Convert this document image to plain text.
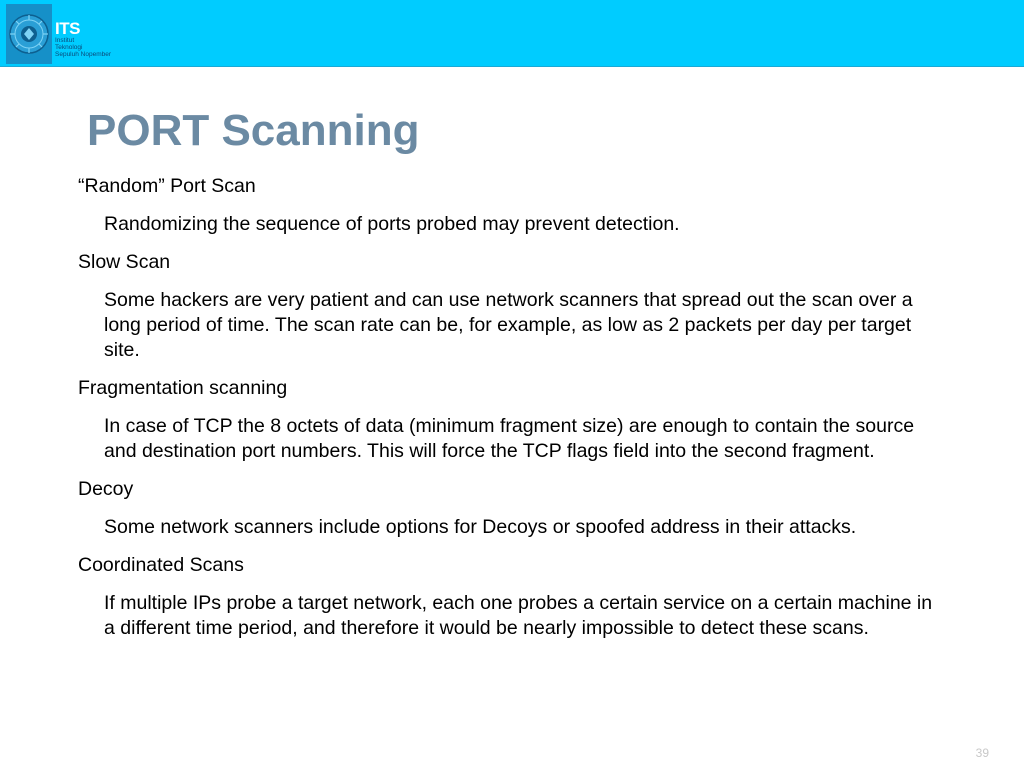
ITS
Institut
Teknologi
Sepuluh Nopember
PORT Scanning

“Random” Port Scan

Randomizing the sequence of ports probed may prevent detection.

Slow Scan

Some hackers are very patient and can use network scanners that spread out the scan over a long period of time. The scan rate can be, for example, as low as 2 packets per day per target site.

Fragmentation scanning

In case of TCP the 8 octets of data (minimum fragment size) are enough to contain the source and destination port numbers. This will force the TCP flags field into the second fragment.

Decoy

Some network scanners include options for Decoys or spoofed address in their attacks.

Coordinated Scans

If multiple IPs probe a target network, each one probes a certain service on a certain machine in a different time period, and therefore it would be nearly impossible to detect these scans.

39
